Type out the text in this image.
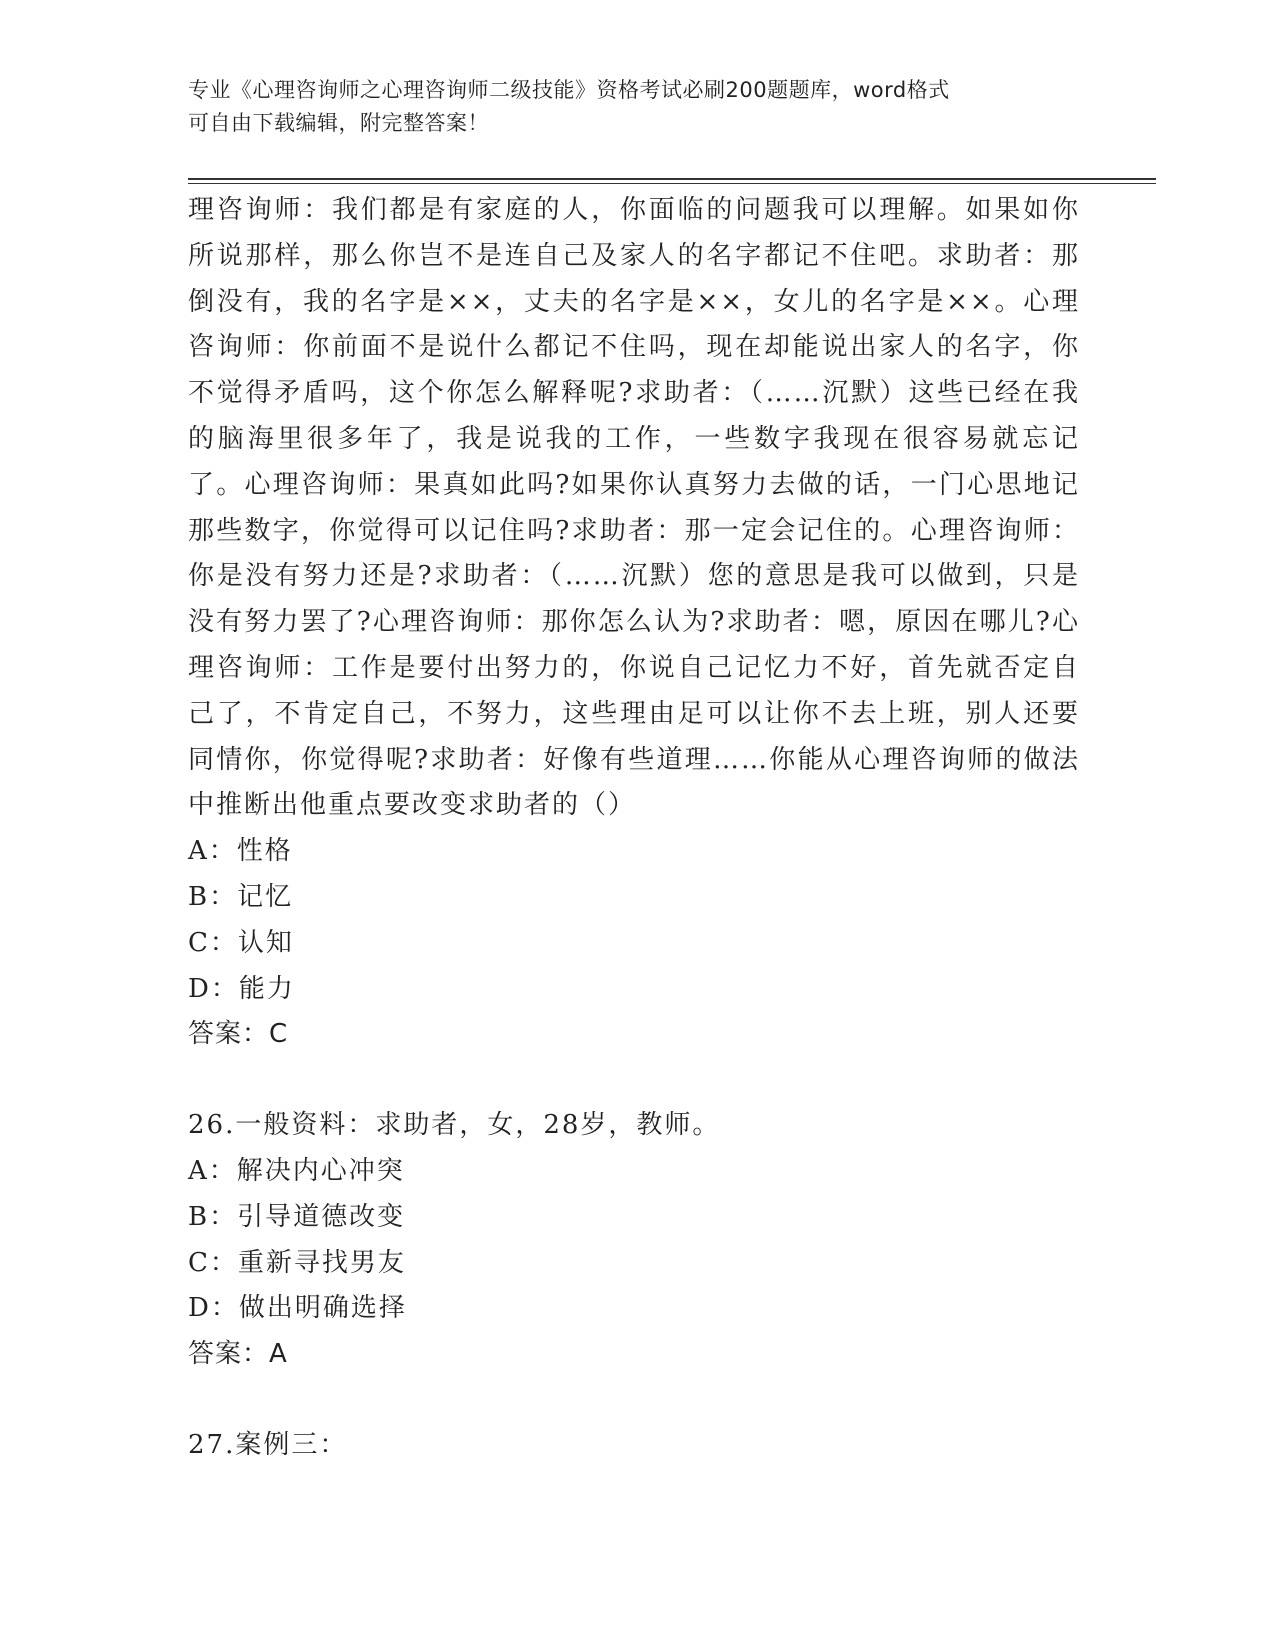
专业《心理咨询师之心理咨询师二级技能》资格考试必刷200题题库，word格式
可自由下载编辑，附完整答案！

理咨询师：我们都是有家庭的人，你面临的问题我可以理解。如果如你所说那样，那么你岂不是连自己及家人的名字都记不住吧。求助者：那倒没有，我的名字是××，丈夫的名字是××，女儿的名字是××。心理咨询师：你前面不是说什么都记不住吗，现在却能说出家人的名字，你不觉得矛盾吗，这个你怎么解释呢?求助者：（……沉默）这些已经在我的脑海里很多年了，我是说我的工作，一些数字我现在很容易就忘记了。心理咨询师：果真如此吗?如果你认真努力去做的话，一门心思地记那些数字，你觉得可以记住吗?求助者：那一定会记住的。心理咨询师：你是没有努力还是?求助者：（……沉默）您的意思是我可以做到，只是没有努力罢了?心理咨询师：那你怎么认为?求助者：嗯，原因在哪儿?心理咨询师：工作是要付出努力的，你说自己记忆力不好，首先就否定自己了，不肯定自己，不努力，这些理由足可以让你不去上班，别人还要同情你，你觉得呢?求助者：好像有些道理……你能从心理咨询师的做法中推断出他重点要改变求助者的（）

A：性格

B：记忆

C：认知

D：能力

答案：C

26.一般资料：求助者，女，28岁，教师。

A：解决内心冲突

B：引导道德改变

C：重新寻找男友

D：做出明确选择

答案：A

27.案例三：
